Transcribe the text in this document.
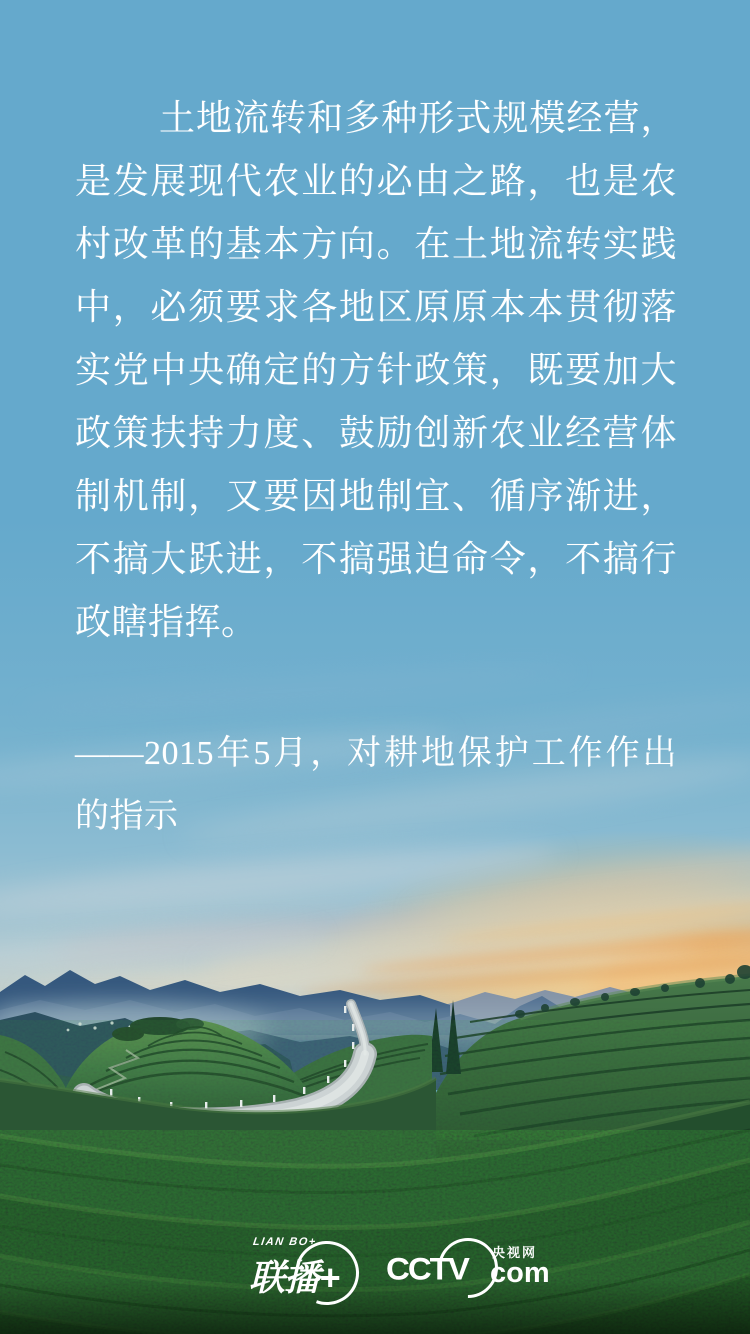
土地流转和多种形式规模经营，
是发展现代农业的必由之路，也是农
村改革的基本方向。在土地流转实践
中，必须要求各地区原原本本贯彻落
实党中央确定的方针政策，既要加大
政策扶持力度、鼓励创新农业经营体
制机制，又要因地制宜、循序渐进，
不搞大跃进，不搞强迫命令，不搞行
政瞎指挥。
——2015年5月，对耕地保护工作作出
的指示
LIAN BO+
联播+ CCTV 央视网
com
